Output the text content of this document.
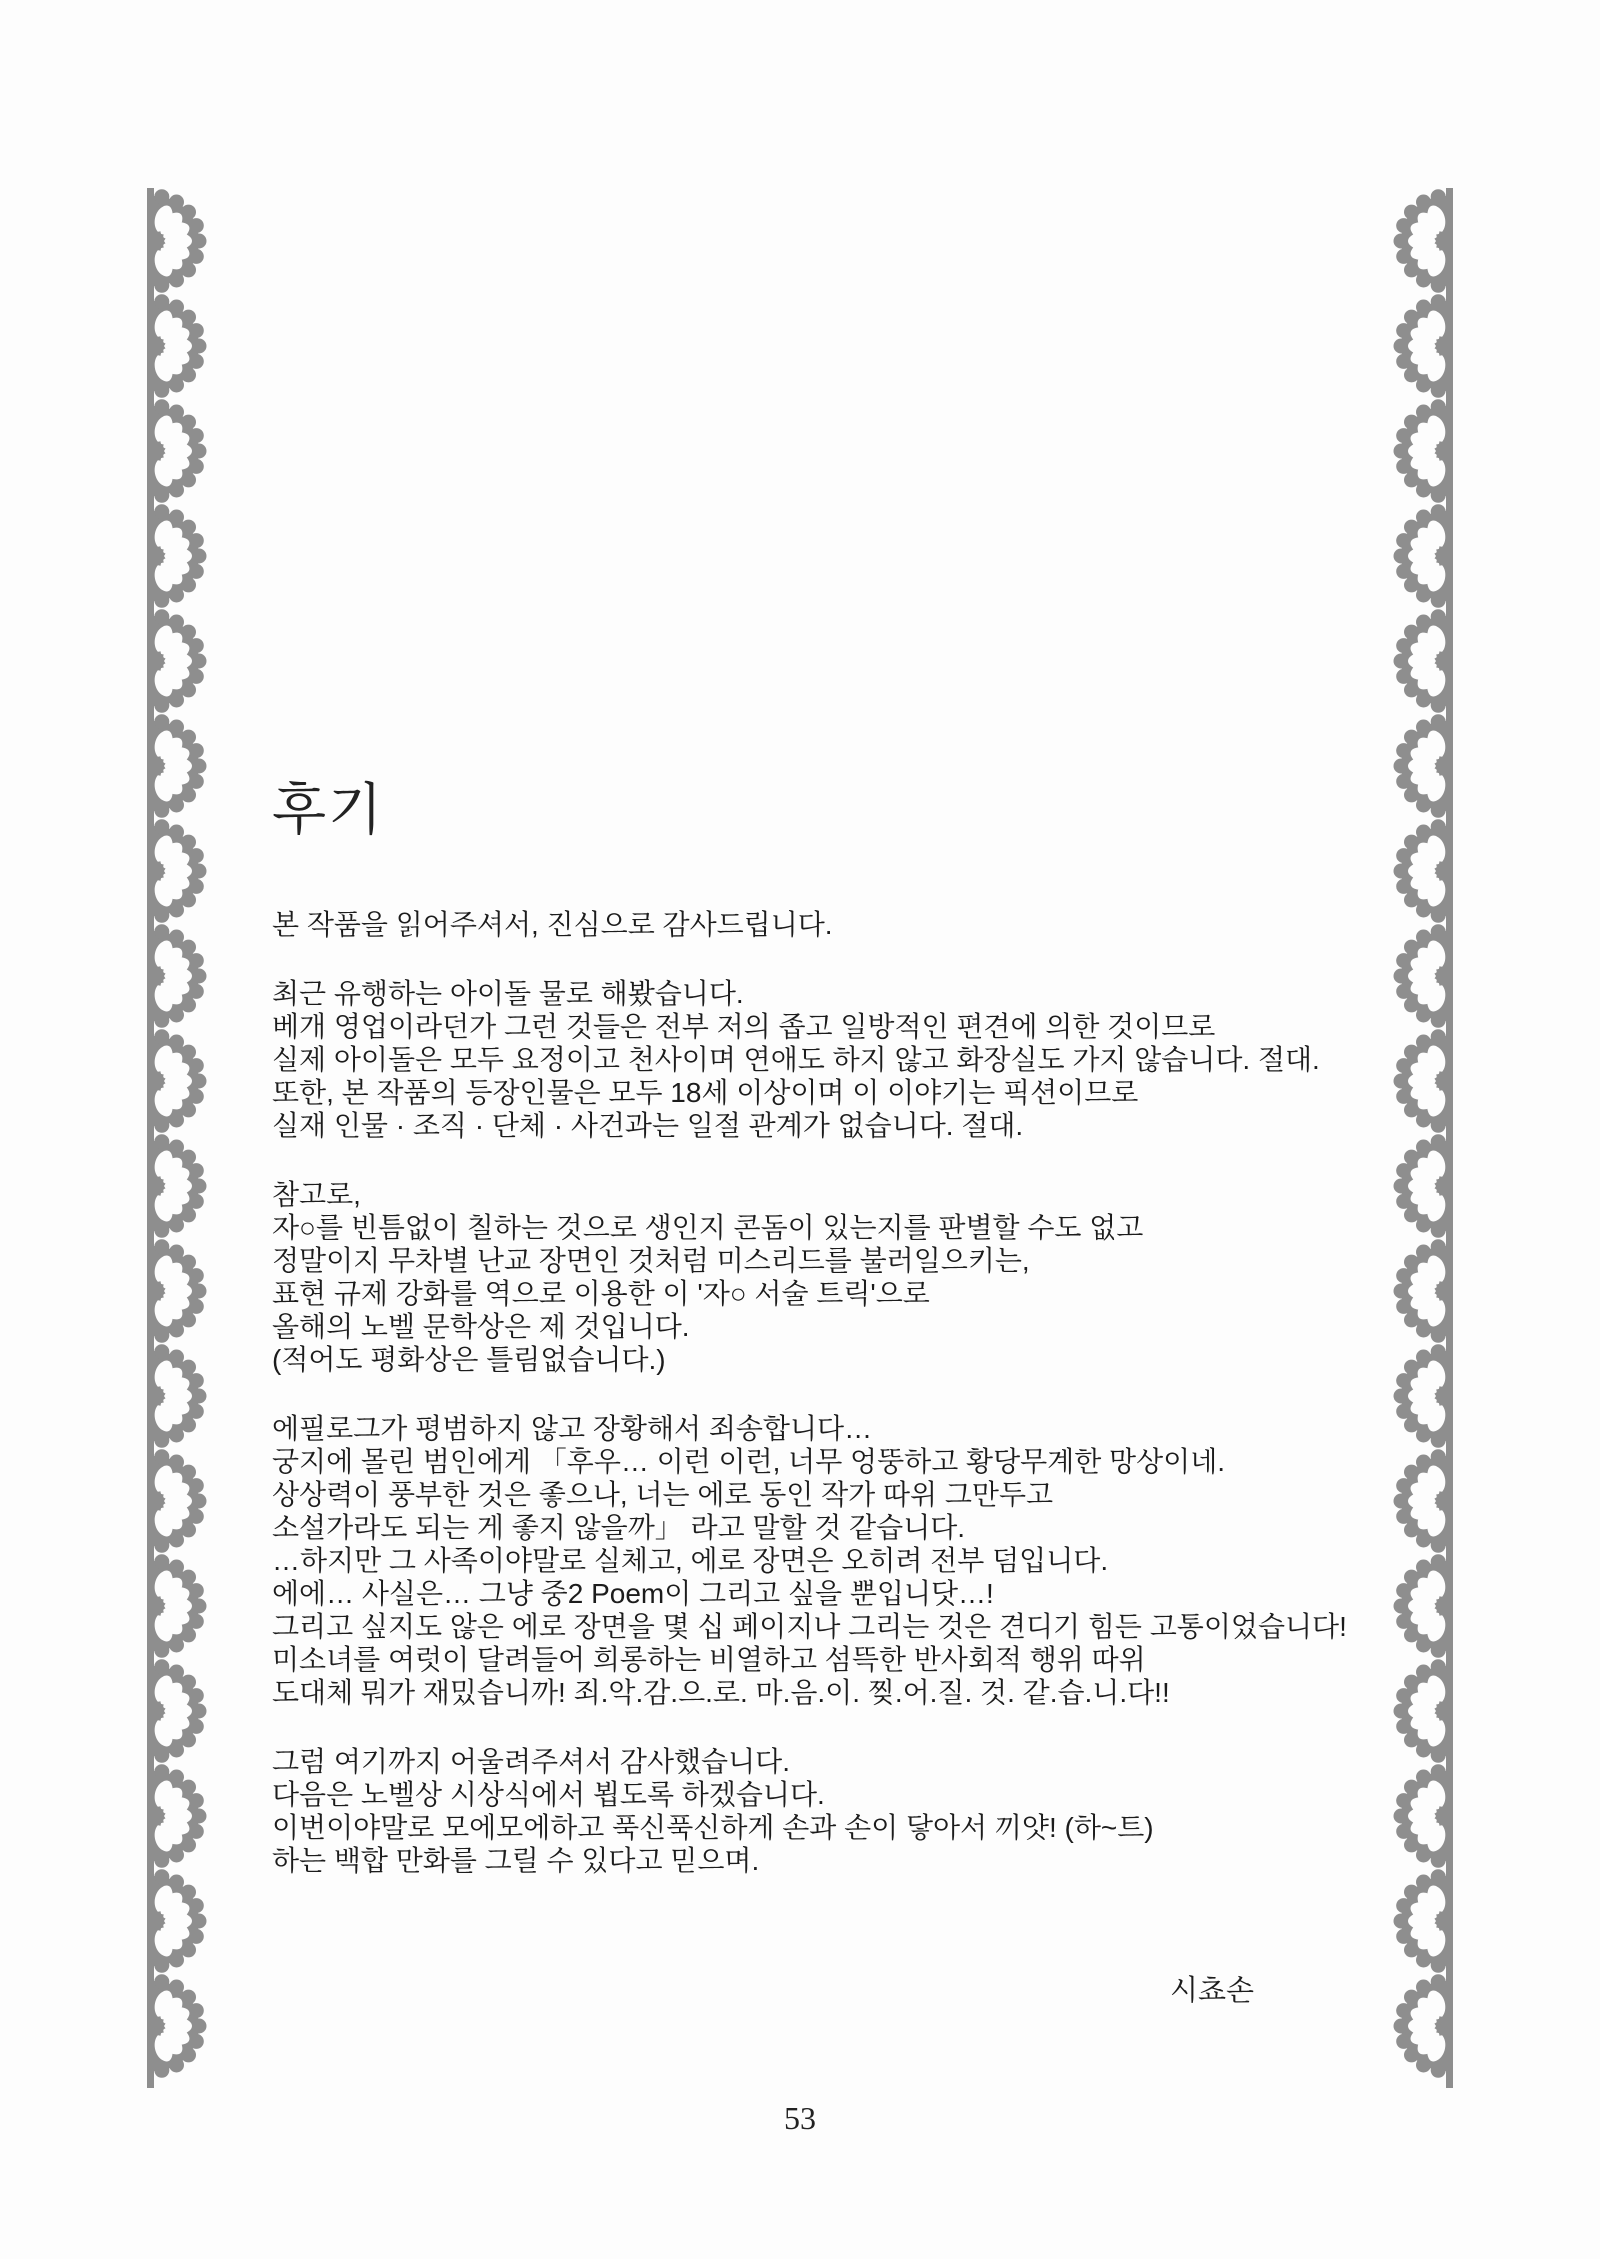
후기
본 작품을 읽어주셔서, 진심으로 감사드립니다.
최근 유행하는 아이돌 물로 해봤습니다.
베개 영업이라던가 그런 것들은 전부 저의 좁고 일방적인 편견에 의한 것이므로
실제 아이돌은 모두 요정이고 천사이며 연애도 하지 않고 화장실도 가지 않습니다. 절대.
또한, 본 작품의 등장인물은 모두 18세 이상이며 이 이야기는 픽션이므로
실재 인물 · 조직 · 단체 · 사건과는 일절 관계가 없습니다. 절대.
참고로,
자○를 빈틈없이 칠하는 것으로 생인지 콘돔이 있는지를 판별할 수도 없고
정말이지 무차별 난교 장면인 것처럼 미스리드를 불러일으키는,
표현 규제 강화를 역으로 이용한 이 '자○ 서술 트릭'으로
올해의 노벨 문학상은 제 것입니다.
(적어도 평화상은 틀림없습니다.)
에필로그가 평범하지 않고 장황해서 죄송합니다…
궁지에 몰린 범인에게 「후우… 이런 이런, 너무 엉뚱하고 황당무계한 망상이네.
상상력이 풍부한 것은 좋으나, 너는 에로 동인 작가 따위 그만두고
소설가라도 되는 게 좋지 않을까」 라고 말할 것 같습니다.
…하지만 그 사족이야말로 실체고, 에로 장면은 오히려 전부 덤입니다.
에에… 사실은… 그냥 중2 Poem이 그리고 싶을 뿐입니닷…!
그리고 싶지도 않은 에로 장면을 몇 십 페이지나 그리는 것은 견디기 힘든 고통이었습니다!
미소녀를 여럿이 달려들어 희롱하는 비열하고 섬뜩한 반사회적 행위 따위
도대체 뭐가 재밌습니까! 죄.악.감.으.로. 마.음.이. 찢.어.질. 것. 같.습.니.다!!
그럼 여기까지 어울려주셔서 감사했습니다.
다음은 노벨상 시상식에서 뵙도록 하겠습니다.
이번이야말로 모에모에하고 푹신푹신하게 손과 손이 닿아서 끼얏! (하~트)
하는 백합 만화를 그릴 수 있다고 믿으며.
시쵸손
53
